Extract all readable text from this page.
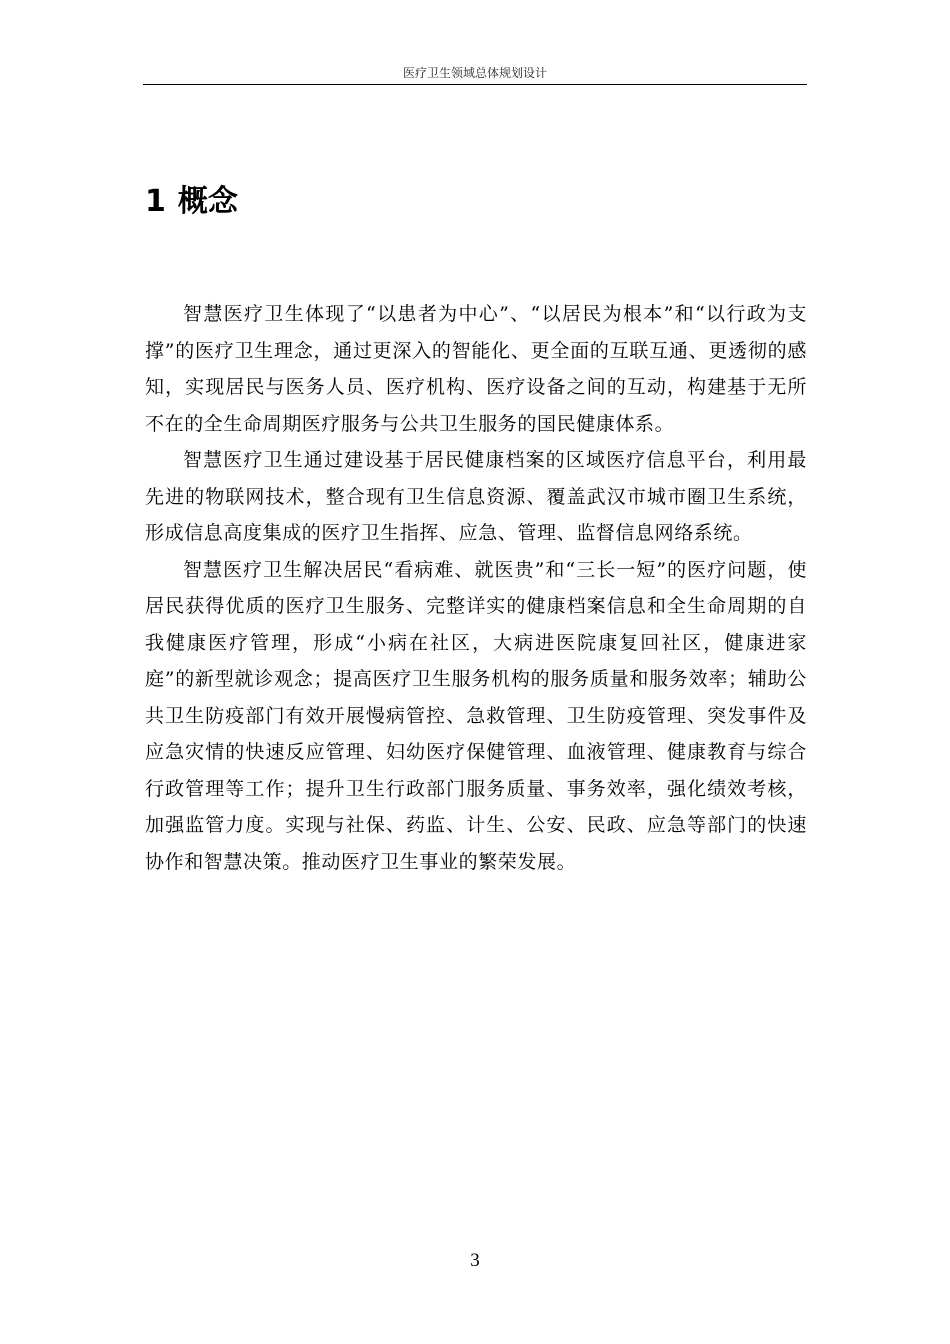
医疗卫生领域总体规划设计
1 概念

智慧医疗卫生体现了“以患者为中心”、“以居民为根本”和“以行政为支撑”的医疗卫生理念，通过更深入的智能化、更全面的互联互通、更透彻的感知，实现居民与医务人员、医疗机构、医疗设备之间的互动，构建基于无所不在的全生命周期医疗服务与公共卫生服务的国民健康体系。

智慧医疗卫生通过建设基于居民健康档案的区域医疗信息平台，利用最先进的物联网技术，整合现有卫生信息资源、覆盖武汉市城市圈卫生系统，形成信息高度集成的医疗卫生指挥、应急、管理、监督信息网络系统。

智慧医疗卫生解决居民“看病难、就医贵”和“三长一短”的医疗问题，使居民获得优质的医疗卫生服务、完整详实的健康档案信息和全生命周期的自我健康医疗管理，形成“小病在社区，大病进医院康复回社区，健康进家庭”的新型就诊观念；提高医疗卫生服务机构的服务质量和服务效率；辅助公共卫生防疫部门有效开展慢病管控、急救管理、卫生防疫管理、突发事件及应急灾情的快速反应管理、妇幼医疗保健管理、血液管理、健康教育与综合行政管理等工作；提升卫生行政部门服务质量、事务效率，强化绩效考核，加强监管力度。实现与社保、药监、计生、公安、民政、应急等部门的快速协作和智慧决策。推动医疗卫生事业的繁荣发展。

3
